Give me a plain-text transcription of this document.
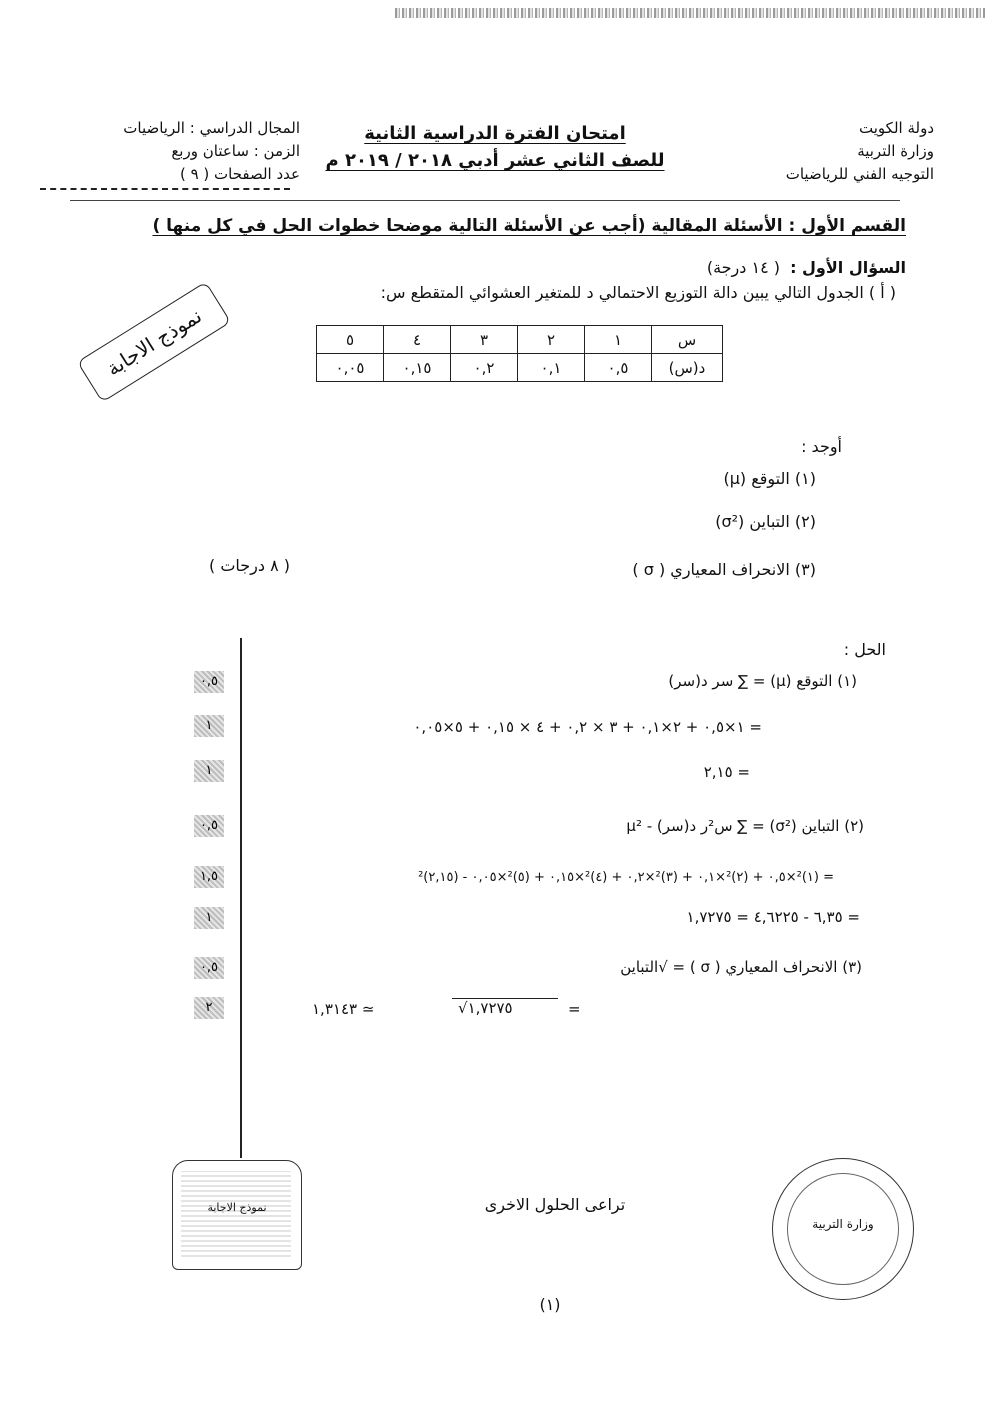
دولة الكويت
وزارة التربية
التوجيه الفني للرياضيات
امتحان الفترة الدراسية الثانية
للصف الثاني عشر أدبي ٢٠١٨ / ٢٠١٩ م
المجال الدراسي : الرياضيات
الزمن : ساعتان وربع
عدد الصفحات ( ٩ )
القسم الأول : الأسئلة المقالية (أجب عن الأسئلة التالية موضحا خطوات الحل في كل منها )
السؤال الأول :
( ١٤ درجة)
( أ ) الجدول التالي يبين دالة التوزيع الاحتمالي د للمتغير العشوائي المتقطع س:
نموذج الاجابة	س	١	٢	٣	٤	٥
د(س)	٠,٥	٠,١	٠,٢	٠,١٥	٠,٠٥
أوجد :
(١) التوقع (μ)
(٢) التباين (σ²)
(٣) الانحراف المعياري ( σ )
( ٨ درجات )
الحل :
(١) التوقع (μ) = ∑ سر د(سر)
= ١×٠,٥ + ٢×٠,١ + ٣ × ٠,٢ + ٤ × ٠,١٥ + ٥×٠,٠٥
= ٢,١٥
(٢) التباين (σ²) = ∑ س²ر د(سر) - μ²
= (١)²×٠,٥ + (٢)²×٠,١ + (٣)²×٠,٢ + (٤)²×٠,١٥ + (٥)²×٠,٠٥ - (٢,١٥)²
= ٦,٣٥ - ٤,٦٢٢٥ = ١,٧٢٧٥
(٣) الانحراف المعياري ( σ ) = √التباين
١,٣١٤٣ ≃	√١,٧٢٧٥	=
٠,٥
١
١
٠,٥
١,٥
١
٠,٥
٢
نموذج الاجابة	تراعى الحلول الاخرى
وزارة التربية
(١)
